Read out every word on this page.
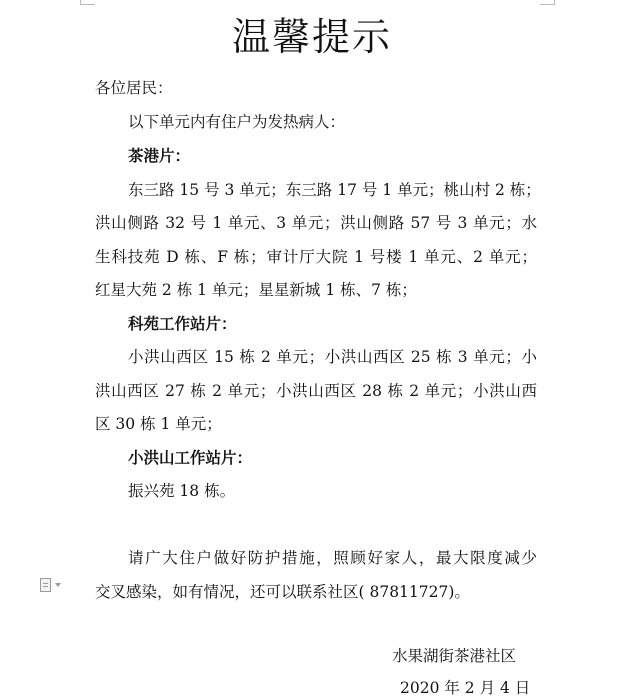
温馨提示
各位居民：
以下单元内有住户为发热病人：
茶港片：
东三路 15 号 3 单元；东三路 17 号 1 单元；桃山村 2 栋；
洪山侧路 32 号 1 单元、3 单元；洪山侧路 57 号 3 单元；水
生科技苑 D 栋、F 栋；审计厅大院 1 号楼 1 单元、2 单元；
红星大苑 2 栋 1 单元；星星新城 1 栋、7 栋；
科苑工作站片：
小洪山西区 15 栋 2 单元；小洪山西区 25 栋 3 单元；小
洪山西区 27 栋 2 单元；小洪山西区 28 栋 2 单元；小洪山西
区 30 栋 1 单元；
小洪山工作站片：
振兴苑 18 栋。
请广大住户做好防护措施，照顾好家人，最大限度减少
交叉感染，如有情况，还可以联系社区( 87811727)。
水果湖街茶港社区
2020 年 2 月 4 日
